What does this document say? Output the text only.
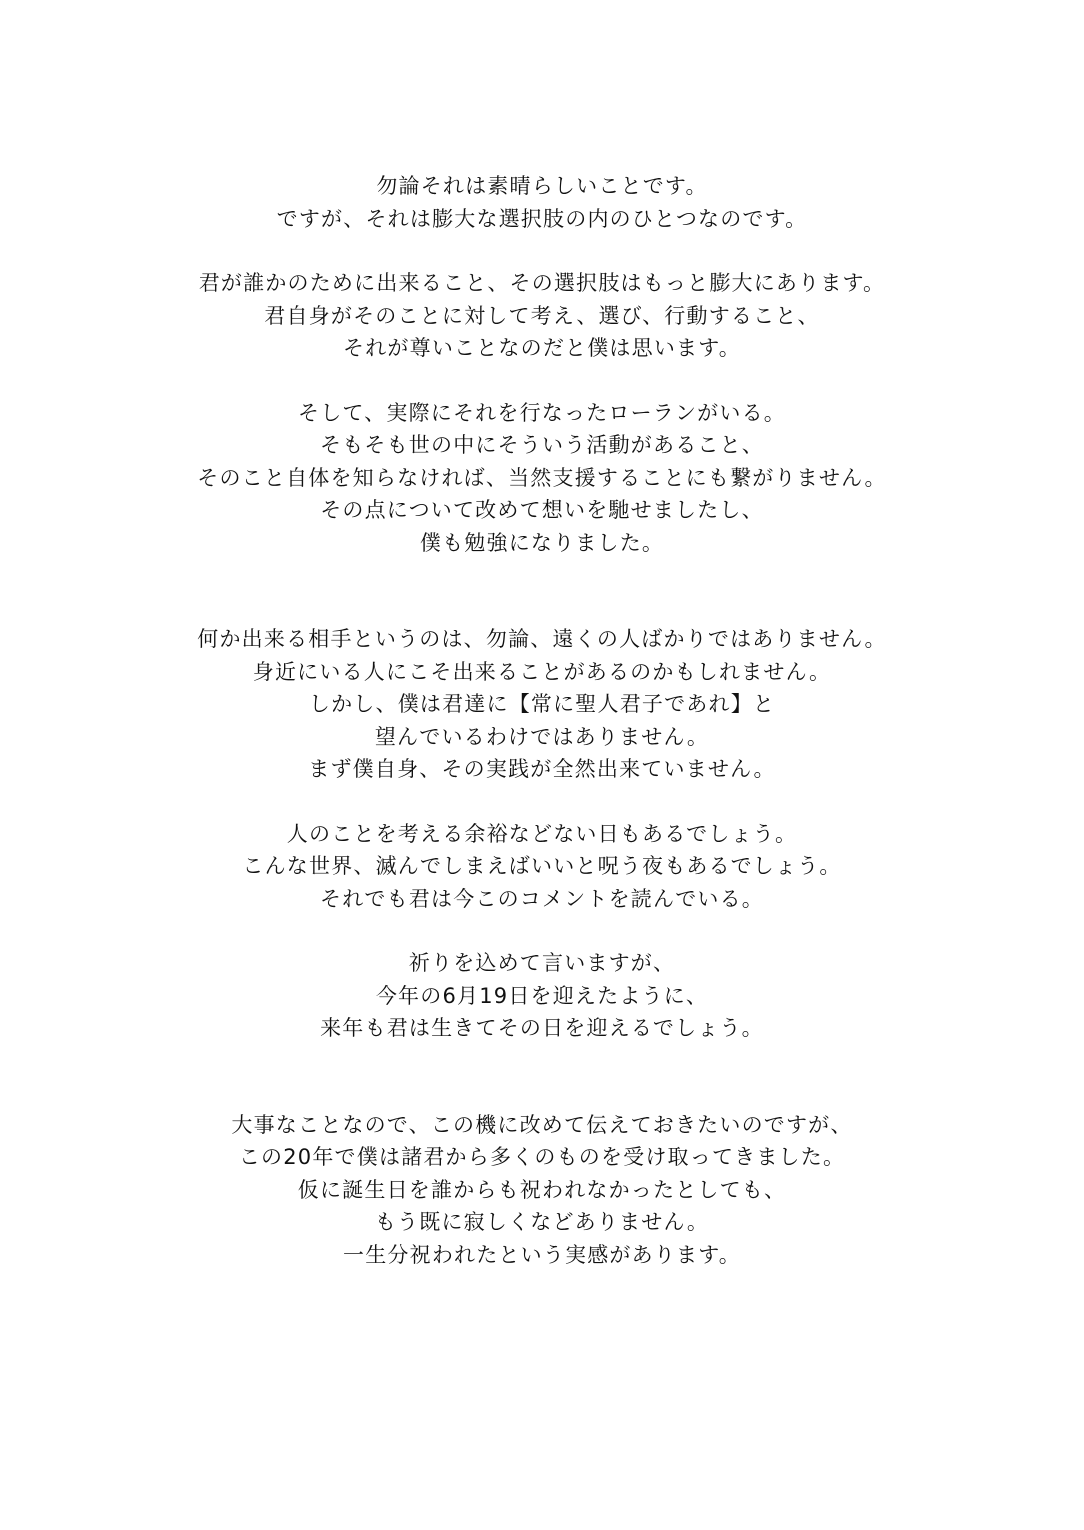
勿論それは素晴らしいことです。
ですが、それは膨大な選択肢の内のひとつなのです。
君が誰かのために出来ること、その選択肢はもっと膨大にあります。
君自身がそのことに対して考え、選び、行動すること、
それが尊いことなのだと僕は思います。
そして、実際にそれを行なったローランがいる。
そもそも世の中にそういう活動があること、
そのこと自体を知らなければ、当然支援することにも繋がりません。
その点について改めて想いを馳せましたし、
僕も勉強になりました。
何か出来る相手というのは、勿論、遠くの人ばかりではありません。
身近にいる人にこそ出来ることがあるのかもしれません。
しかし、僕は君達に【常に聖人君子であれ】と
望んでいるわけではありません。
まず僕自身、その実践が全然出来ていません。
人のことを考える余裕などない日もあるでしょう。
こんな世界、滅んでしまえばいいと呪う夜もあるでしょう。
それでも君は今このコメントを読んでいる。
祈りを込めて言いますが、
今年の6月19日を迎えたように、
来年も君は生きてその日を迎えるでしょう。
大事なことなので、この機に改めて伝えておきたいのですが、
この20年で僕は諸君から多くのものを受け取ってきました。
仮に誕生日を誰からも祝われなかったとしても、
もう既に寂しくなどありません。
一生分祝われたという実感があります。
